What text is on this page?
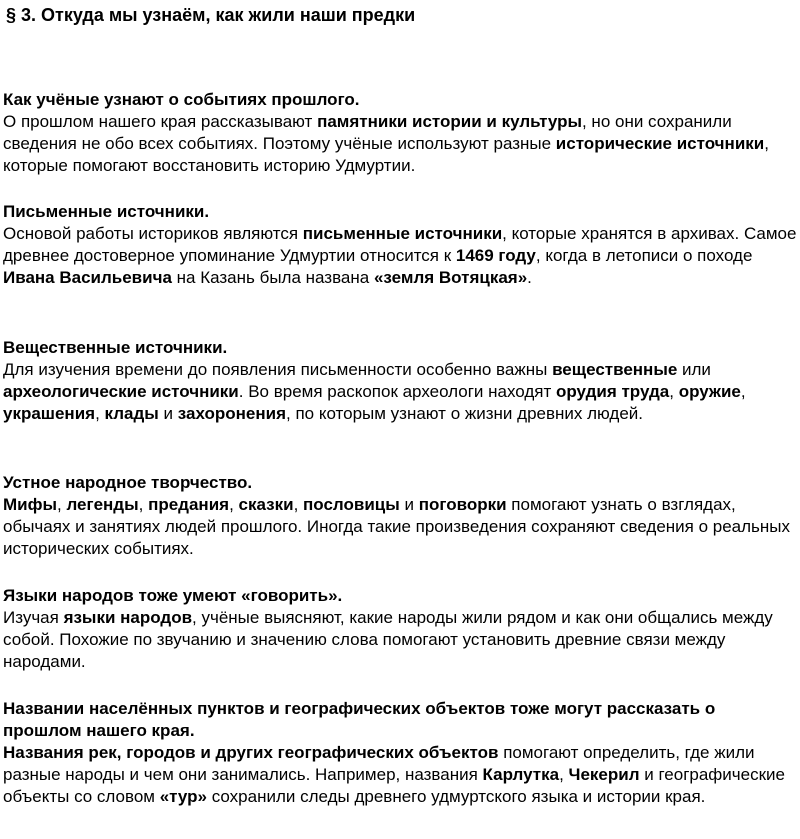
§ 3. Откуда мы узнаём, как жили наши предки
Как учёные узнают о событиях прошлого.

О прошлом нашего края рассказывают памятники истории и культуры, но они сохранили сведения не обо всех событиях. Поэтому учёные используют разные исторические источники, которые помогают восстановить историю Удмуртии.

Письменные источники.

Основой работы историков являются письменные источники, которые хранятся в архивах. Самое древнее достоверное упоминание Удмуртии относится к 1469 году, когда в летописи о походе Ивана Васильевича на Казань была названа «земля Вотяцкая».

Вещественные источники.

Для изучения времени до появления письменности особенно важны вещественные или археологические источники. Во время раскопок археологи находят орудия труда, оружие, украшения, клады и захоронения, по которым узнают о жизни древних людей.

Устное народное творчество.

Мифы, легенды, предания, сказки, пословицы и поговорки помогают узнать о взглядах, обычаях и занятиях людей прошлого. Иногда такие произведения сохраняют сведения о реальных исторических событиях.

Языки народов тоже умеют «говорить».

Изучая языки народов, учёные выясняют, какие народы жили рядом и как они общались между собой. Похожие по звучанию и значению слова помогают установить древние связи между народами.

Названии населённых пунктов и географических объектов тоже могут рассказать о прошлом нашего края.

Названия рек, городов и других географических объектов помогают определить, где жили разные народы и чем они занимались. Например, названия Карлутка, Чекерил и географические объекты со словом «тур» сохранили следы древнего удмуртского языка и истории края.
